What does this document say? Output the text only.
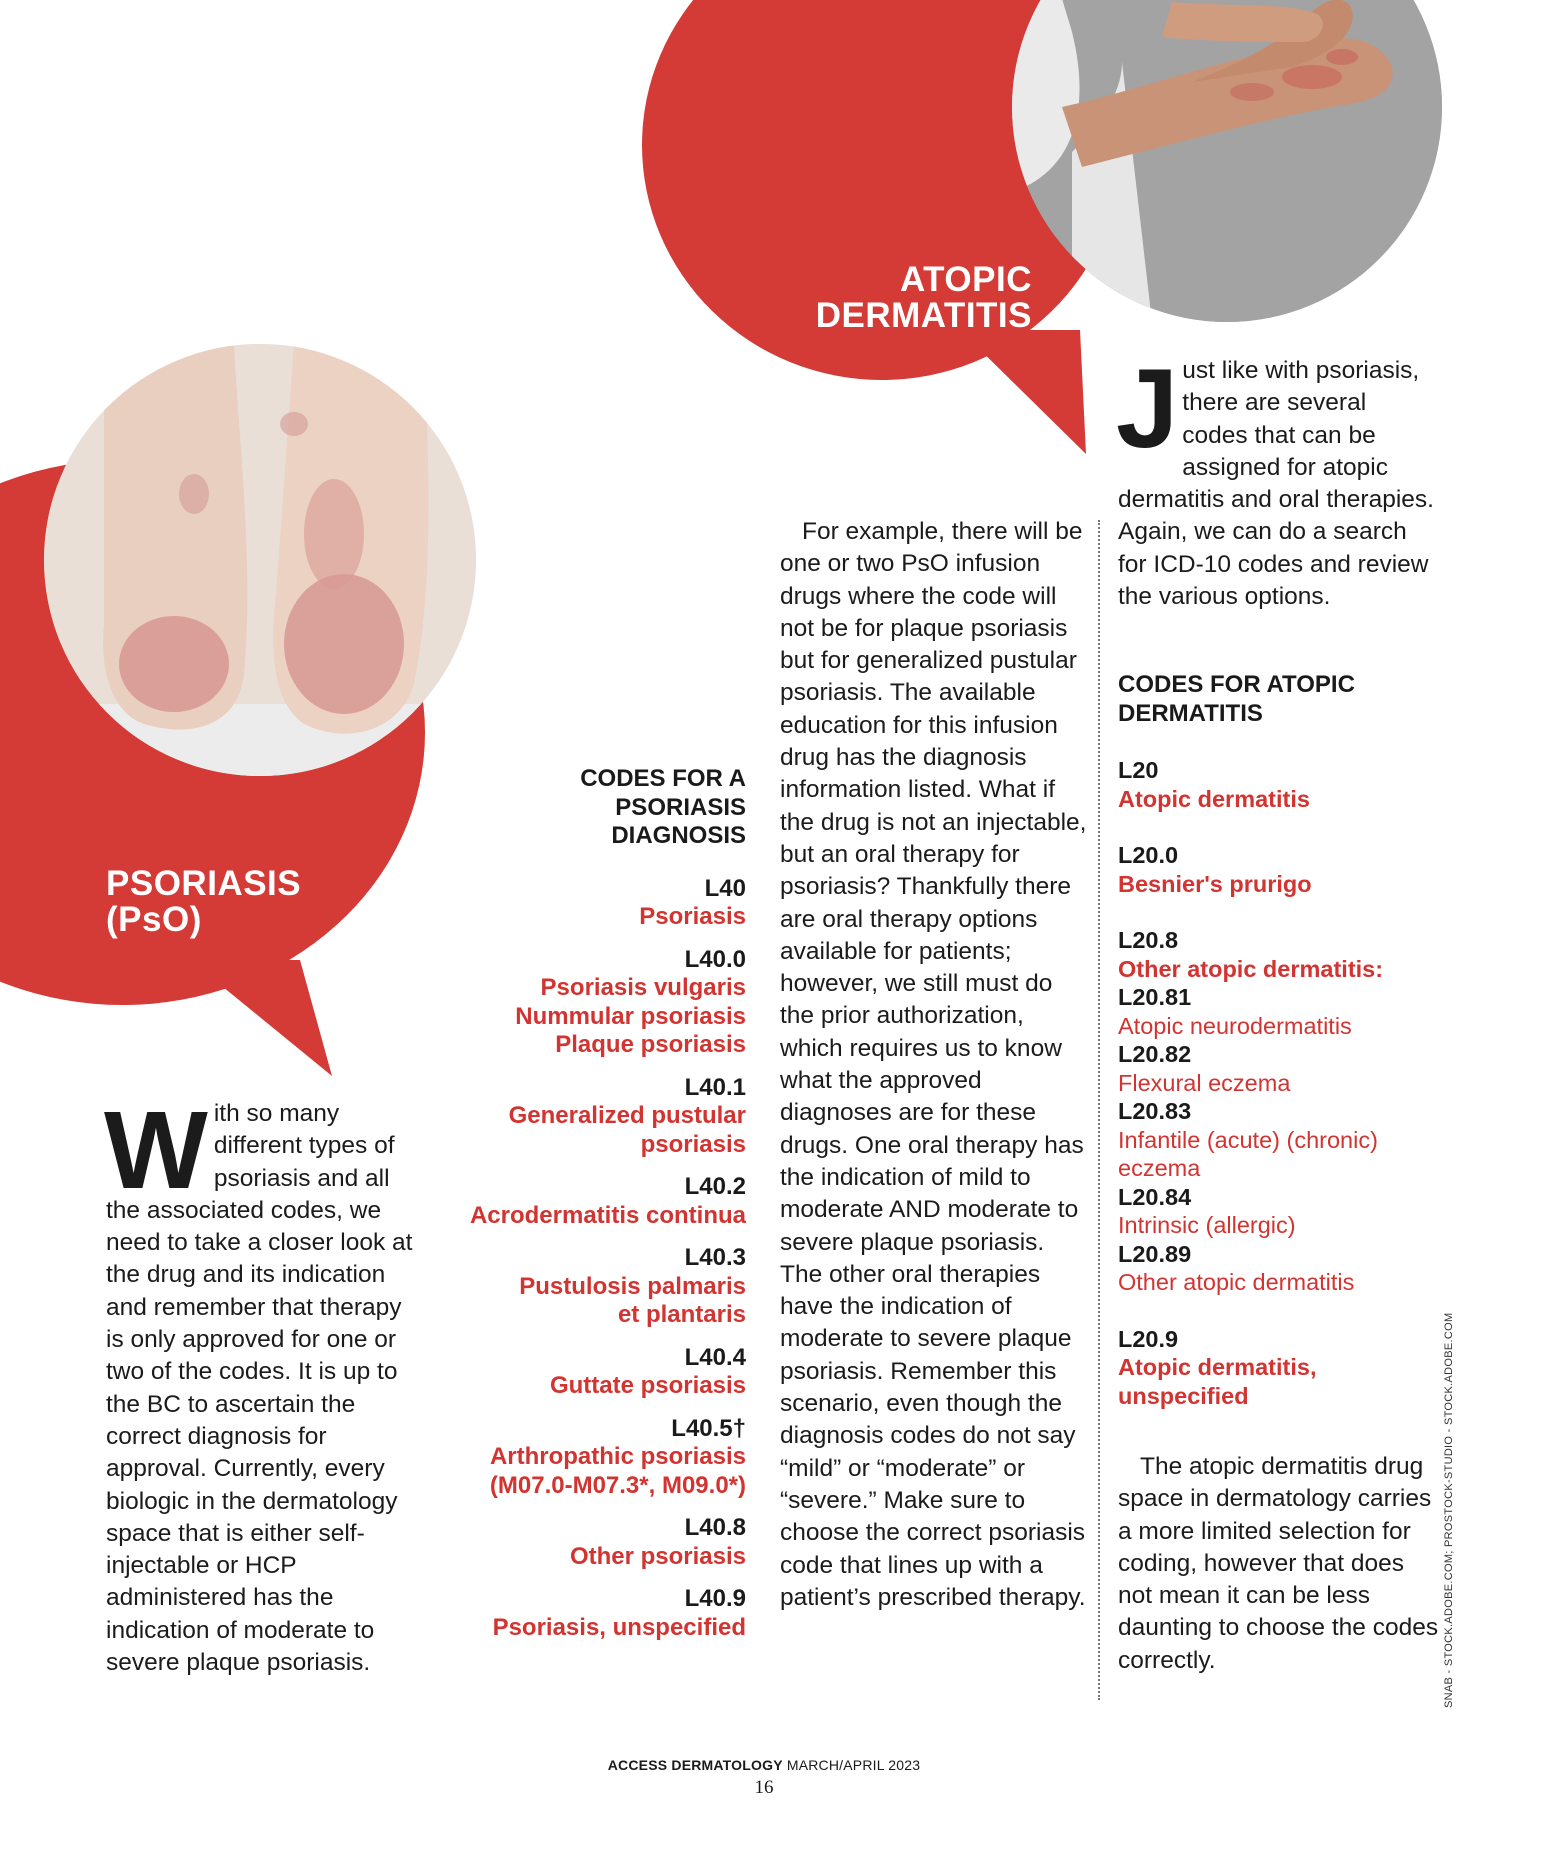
ATOPIC
DERMATITIS
PSORIASIS
(PsO)
W ith so many different types of psoriasis and all the associated codes, we need to take a closer look at the drug and its indication and remember that therapy is only approved for one or two of the codes. It is up to the BC to ascertain the correct diagnosis for approval. Currently, every biologic in the dermatology space that is either self-injectable or HCP administered has the indication of moderate to severe plaque psoriasis.
CODES FOR A
PSORIASIS
DIAGNOSIS
L40
Psoriasis
L40.0
Psoriasis vulgaris
Nummular psoriasis
Plaque psoriasis
L40.1
Generalized pustular
psoriasis
L40.2
Acrodermatitis continua
L40.3
Pustulosis palmaris
et plantaris
L40.4
Guttate psoriasis
L40.5†
Arthropathic psoriasis
(M07.0-M07.3*, M09.0*)
L40.8
Other psoriasis
L40.9
Psoriasis, unspecified

For example, there will be one or two PsO infusion drugs where the code will not be for plaque psoriasis but for generalized pustular psoriasis. The available education for this infusion drug has the diagnosis information listed. What if the drug is not an injectable, but an oral therapy for psoriasis? Thankfully there are oral therapy options available for patients; however, we still must do the prior authorization, which requires us to know what the approved diagnoses are for these drugs. One oral therapy has the indication of mild to moderate AND moderate to severe plaque psoriasis. The other oral therapies have the indication of moderate to severe plaque psoriasis. Remember this scenario, even though the diagnosis codes do not say “mild” or “moderate” or “severe.” Make sure to choose the correct psoriasis code that lines up with a patient’s prescribed therapy.

J ust like with psoriasis, there are several codes that can be assigned for atopic dermatitis and oral therapies. Again, we can do a search for ICD-10 codes and review the various options.
CODES FOR ATOPIC
DERMATITIS
L20
Atopic dermatitis
L20.0
Besnier's prurigo
L20.8
Other atopic dermatitis:
L20.81
Atopic neurodermatitis
L20.82
Flexural eczema
L20.83
Infantile (acute) (chronic) eczema
L20.84
Intrinsic (allergic)
L20.89
Other atopic dermatitis
L20.9
Atopic dermatitis, unspecified

The atopic dermatitis drug space in dermatology carries a more limited selection for coding, however that does not mean it can be less daunting to choose the codes correctly.	SNAB - STOCK.ADOBE.COM; PROSTOCK-STUDIO - STOCK.ADOBE.COM
ACCESS DERMATOLOGY MARCH/APRIL 2023
16
